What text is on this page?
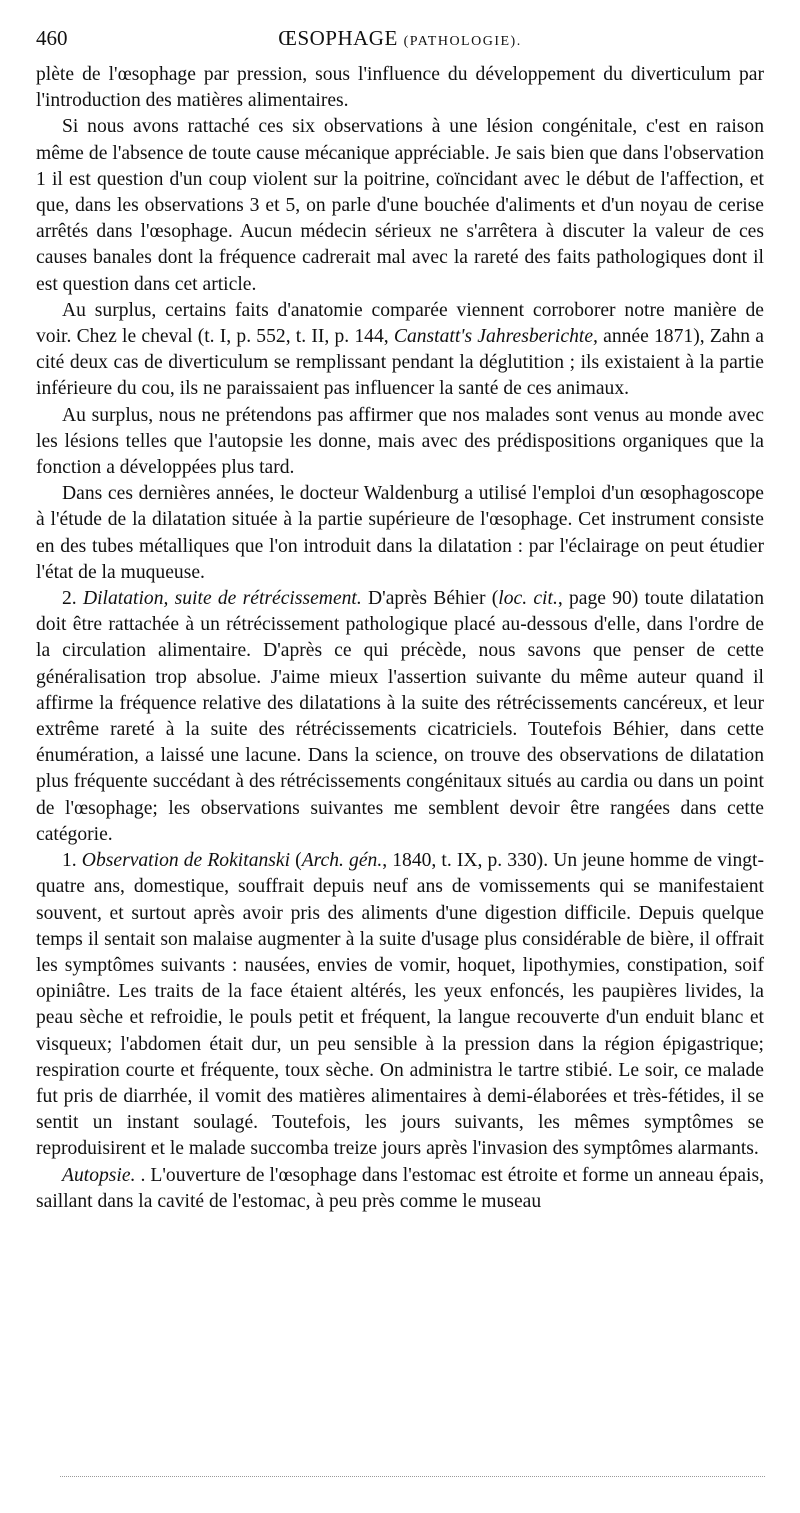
460	ŒSOPHAGE (PATHOLOGIE).

plète de l'œsophage par pression, sous l'influence du développement du diverticulum par l'introduction des matières alimentaires.

Si nous avons rattaché ces six observations à une lésion congénitale, c'est en raison même de l'absence de toute cause mécanique appréciable. Je sais bien que dans l'observation 1 il est question d'un coup violent sur la poitrine, coïncidant avec le début de l'affection, et que, dans les observations 3 et 5, on parle d'une bouchée d'aliments et d'un noyau de cerise arrêtés dans l'œsophage. Aucun médecin sérieux ne s'arrêtera à discuter la valeur de ces causes banales dont la fréquence cadrerait mal avec la rareté des faits pathologiques dont il est question dans cet article.

Au surplus, certains faits d'anatomie comparée viennent corroborer notre manière de voir. Chez le cheval (t. I, p. 552, t. II, p. 144, Canstatt's Jahresberichte, année 1871), Zahn a cité deux cas de diverticulum se remplissant pendant la déglutition ; ils existaient à la partie inférieure du cou, ils ne paraissaient pas influencer la santé de ces animaux.

Au surplus, nous ne prétendons pas affirmer que nos malades sont venus au monde avec les lésions telles que l'autopsie les donne, mais avec des prédispositions organiques que la fonction a développées plus tard.

Dans ces dernières années, le docteur Waldenburg a utilisé l'emploi d'un œsophagoscope à l'étude de la dilatation située à la partie supérieure de l'œsophage. Cet instrument consiste en des tubes métalliques que l'on introduit dans la dilatation : par l'éclairage on peut étudier l'état de la muqueuse.

2. Dilatation, suite de rétrécissement. D'après Béhier (loc. cit., page 90) toute dilatation doit être rattachée à un rétrécissement pathologique placé au-dessous d'elle, dans l'ordre de la circulation alimentaire. D'après ce qui précède, nous savons que penser de cette généralisation trop absolue. J'aime mieux l'assertion suivante du même auteur quand il affirme la fréquence relative des dilatations à la suite des rétrécissements cancéreux, et leur extrême rareté à la suite des rétrécissements cicatriciels. Toutefois Béhier, dans cette énumération, a laissé une lacune. Dans la science, on trouve des observations de dilatation plus fréquente succédant à des rétrécissements congénitaux situés au cardia ou dans un point de l'œsophage; les observations suivantes me semblent devoir être rangées dans cette catégorie.

1. Observation de Rokitanski (Arch. gén., 1840, t. IX, p. 330). Un jeune homme de vingt-quatre ans, domestique, souffrait depuis neuf ans de vomissements qui se manifestaient souvent, et surtout après avoir pris des aliments d'une digestion difficile. Depuis quelque temps il sentait son malaise augmenter à la suite d'usage plus considérable de bière, il offrait les symptômes suivants : nausées, envies de vomir, hoquet, lipothymies, constipation, soif opiniâtre. Les traits de la face étaient altérés, les yeux enfoncés, les paupières livides, la peau sèche et refroidie, le pouls petit et fréquent, la langue recouverte d'un enduit blanc et visqueux; l'abdomen était dur, un peu sensible à la pression dans la région épigastrique; respiration courte et fréquente, toux sèche. On administra le tartre stibié. Le soir, ce malade fut pris de diarrhée, il vomit des matières alimentaires à demi-élaborées et très-fétides, il se sentit un instant soulagé. Toutefois, les jours suivants, les mêmes symptômes se reproduisirent et le malade succomba treize jours après l'invasion des symptômes alarmants.

Autopsie. . L'ouverture de l'œsophage dans l'estomac est étroite et forme un anneau épais, saillant dans la cavité de l'estomac, à peu près comme le museau
